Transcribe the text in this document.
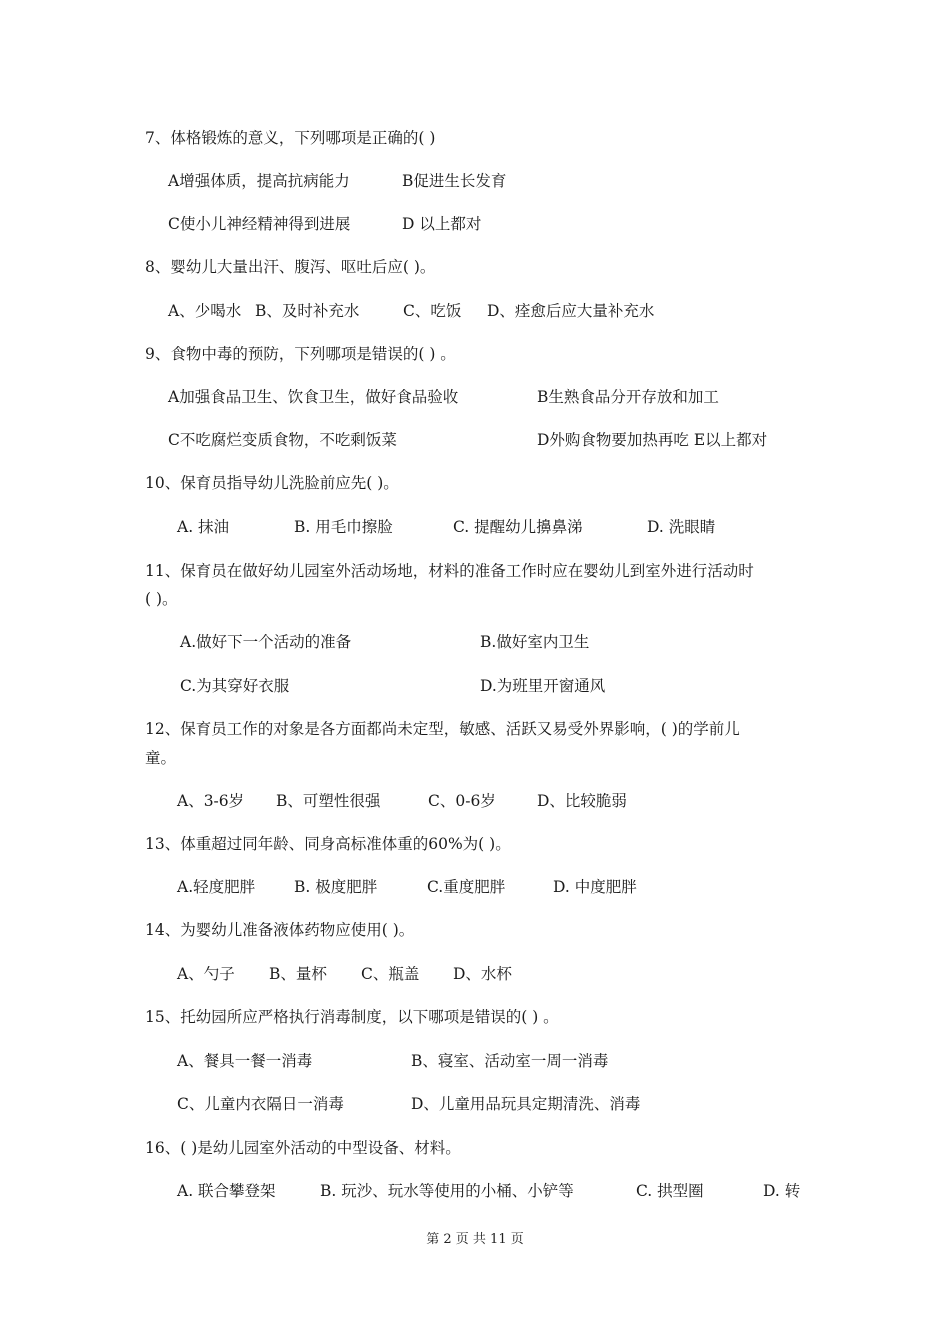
7、体格锻炼的意义，下列哪项是正确的( )
A增强体质，提高抗病能力	B促进生长发育
C使小儿神经精神得到进展	D 以上都对
8、婴幼儿大量出汗、腹泻、呕吐后应( )。
A、少喝水 B、及时补充水	C、吃饭 D、痊愈后应大量补充水
9、食物中毒的预防，下列哪项是错误的( ) 。
A加强食品卫生、饮食卫生，做好食品验收	B生熟食品分开存放和加工
C不吃腐烂变质食物，不吃剩饭菜	D外购食物要加热再吃 E以上都对
10、保育员指导幼儿洗脸前应先( )。
A. 抹油	B. 用毛巾擦脸	C. 提醒幼儿擤鼻涕	D. 洗眼睛
11、保育员在做好幼儿园室外活动场地，材料的准备工作时应在婴幼儿到室外进行活动时
( )。
A.做好下一个活动的准备	B.做好室内卫生
C.为其穿好衣服	D.为班里开窗通风
12、保育员工作的对象是各方面都尚未定型，敏感、活跃又易受外界影响，( )的学前儿
童。
A、3-6岁 B、可塑性很强	C、0-6岁	D、比较脆弱
13、体重超过同年龄、同身高标准体重的60%为( )。
A.轻度肥胖	B. 极度肥胖	C.重度肥胖	D. 中度肥胖
14、为婴幼儿准备液体药物应使用( )。
A、勺子 B、量杯 C、瓶盖 D、水杯
15、托幼园所应严格执行消毒制度，以下哪项是错误的( ) 。
A、餐具一餐一消毒	B、寝室、活动室一周一消毒
C、儿童内衣隔日一消毒	D、儿童用品玩具定期清洗、消毒
16、( )是幼儿园室外活动的中型设备、材料。
A. 联合攀登架	B. 玩沙、玩水等使用的小桶、小铲等	C. 拱型圈	D. 转
第 2 页 共 11 页
